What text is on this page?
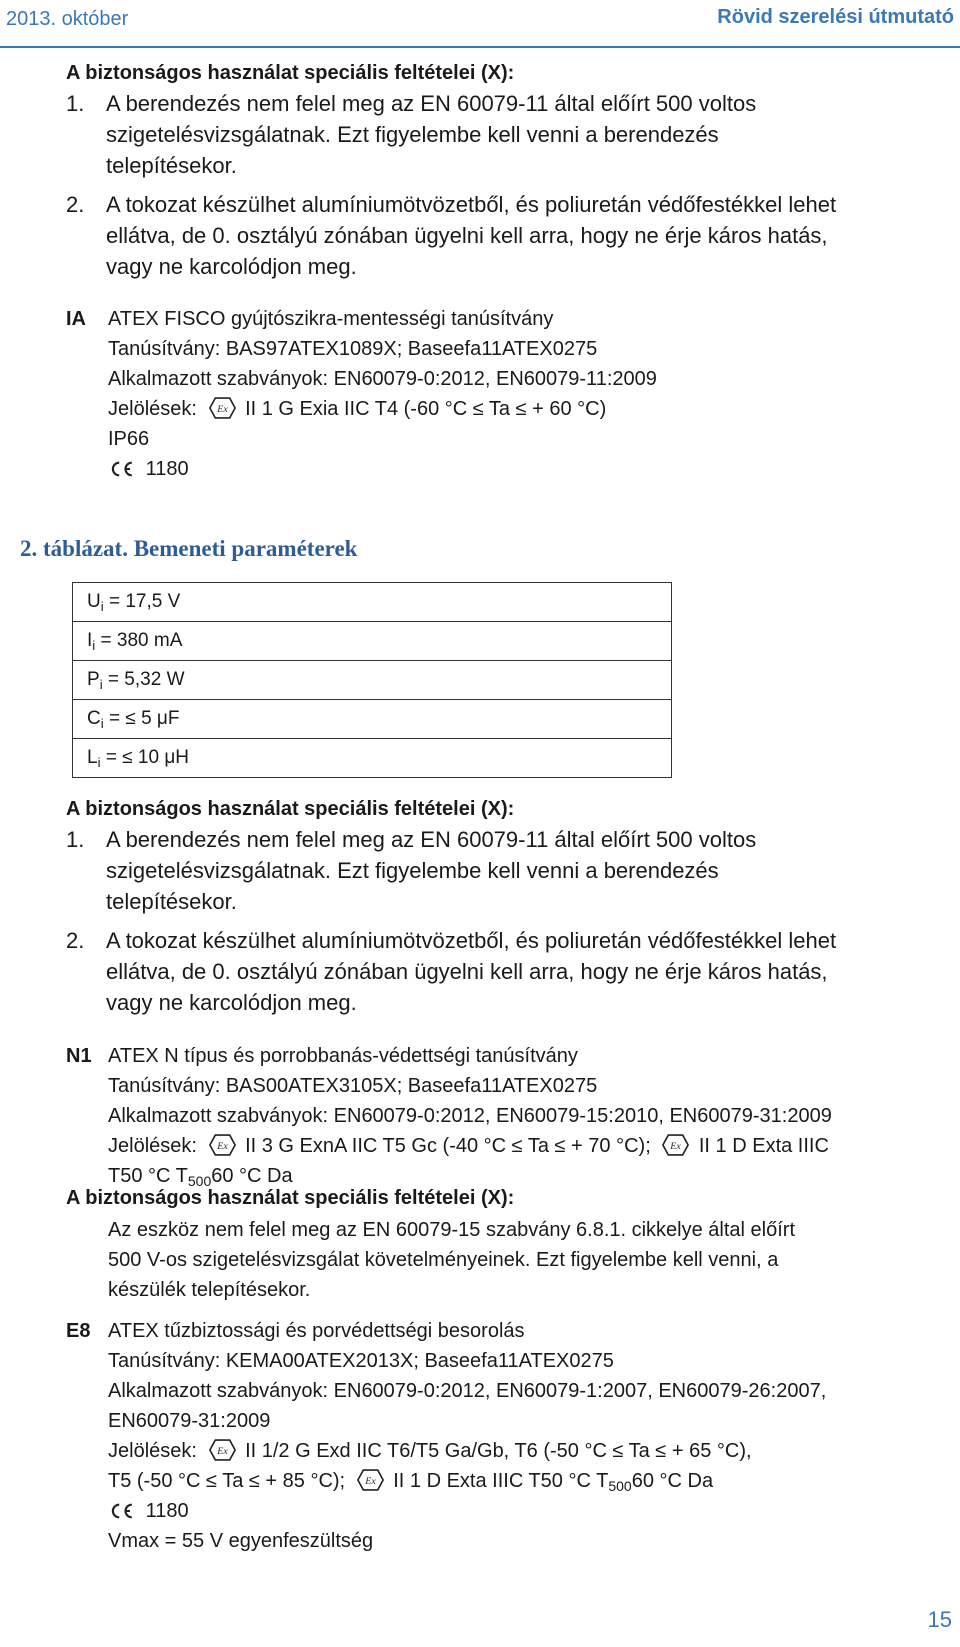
2013. október	Rövid szerelési útmutató
A biztonságos használat speciális feltételei (X):
1. A berendezés nem felel meg az EN 60079-11 által előírt 500 voltos
szigetelésvizsgálatnak. Ezt figyelembe kell venni a berendezés
telepítésekor.
2. A tokozat készülhet alumíniumötvözetből, és poliuretán védőfestékkel lehet
ellátva, de 0. osztályú zónában ügyelni kell arra, hogy ne érje káros hatás,
vagy ne karcolódjon meg.
IA ATEX FISCO gyújtószikra-mentességi tanúsítvány
Tanúsítvány: BAS97ATEX1089X; Baseefa11ATEX0275
Alkalmazott szabványok: EN60079-0:2012, EN60079-11:2009
Jelölések: Ex II 1 G Exia IIC T4 (-60 °C ≤ Ta ≤ + 60 °C)
IP66
1180
2. táblázat. Bemeneti paraméterek
$U_i = 17,5$ V
$I_i = 380$ mA
$P_i = 5,32$ W
$C_i$ = ≤ 5 μF
$L_i$ = ≤ 10 μH
A biztonságos használat speciális feltételei (X):
1. A berendezés nem felel meg az EN 60079-11 által előírt 500 voltos
szigetelésvizsgálatnak. Ezt figyelembe kell venni a berendezés
telepítésekor.
2. A tokozat készülhet alumíniumötvözetből, és poliuretán védőfestékkel lehet
ellátva, de 0. osztályú zónában ügyelni kell arra, hogy ne érje káros hatás,
vagy ne karcolódjon meg.
N1 ATEX N típus és porrobbanás-védettségi tanúsítvány
Tanúsítvány: BAS00ATEX3105X; Baseefa11ATEX0275
Alkalmazott szabványok: EN60079-0:2012, EN60079-15:2010, EN60079-31:2009
Jelölések: Ex II 3 G ExnA IIC T5 Gc (-40 °C ≤ Ta ≤ + 70 °C); Ex II 1 D Exta IIIC
T50 °C $T_{500}60$ °C Da
A biztonságos használat speciális feltételei (X):
Az eszköz nem felel meg az EN 60079-15 szabvány 6.8.1. cikkelye által előírt
500 V-os szigetelésvizsgálat követelményeinek. Ezt figyelembe kell venni, a
készülék telepítésekor.
E8 ATEX tűzbiztossági és porvédettségi besorolás
Tanúsítvány: KEMA00ATEX2013X; Baseefa11ATEX0275
Alkalmazott szabványok: EN60079-0:2012, EN60079-1:2007, EN60079-26:2007,
EN60079-31:2009
Jelölések: Ex II 1/2 G Exd IIC T6/T5 Ga/Gb, T6 (-50 °C ≤ Ta ≤ + 65 °C),
T5 (-50 °C ≤ Ta ≤ + 85 °C); Ex II 1 D Exta IIIC T50 °C $T_{500}60$ °C Da
1180
Vmax = 55 V egyenfeszültség
15
